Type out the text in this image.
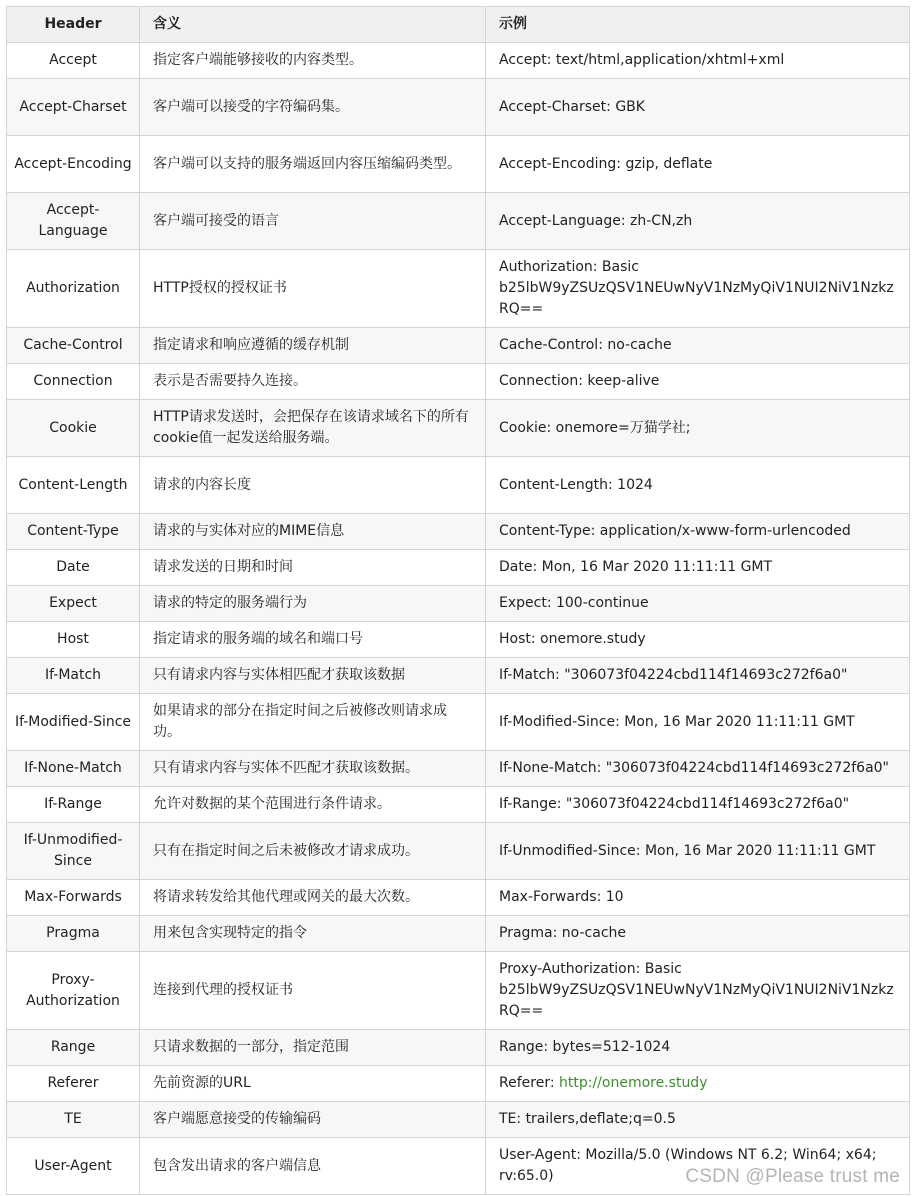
Header	含义	示例
Accept	指定客户端能够接收的内容类型。	Accept: text/html,application/xhtml+xml
Accept-Charset	客户端可以接受的字符编码集。	Accept-Charset: GBK
Accept-Encoding	客户端可以支持的服务端返回内容压缩编码类型。	Accept-Encoding: gzip, deflate
Accept-Language	客户端可接受的语言	Accept-Language: zh-CN,zh
Authorization	HTTP授权的授权证书	Authorization: Basic b25lbW9yZSUzQSV1NEUwNyV1NzMyQiV1NUI2NiV1NzkzRQ==
Cache-Control	指定请求和响应遵循的缓存机制	Cache-Control: no-cache
Connection	表示是否需要持久连接。	Connection: keep-alive
Cookie	HTTP请求发送时，会把保存在该请求域名下的所有cookie值一起发送给服务端。	Cookie: onemore=万猫学社;
Content-Length	请求的内容长度	Content-Length: 1024
Content-Type	请求的与实体对应的MIME信息	Content-Type: application/x-www-form-urlencoded
Date	请求发送的日期和时间	Date: Mon, 16 Mar 2020 11:11:11 GMT
Expect	请求的特定的服务端行为	Expect: 100-continue
Host	指定请求的服务端的域名和端口号	Host: onemore.study
If-Match	只有请求内容与实体相匹配才获取该数据	If-Match: "306073f04224cbd114f14693c272f6a0"
If-Modified-Since	如果请求的部分在指定时间之后被修改则请求成功。	If-Modified-Since: Mon, 16 Mar 2020 11:11:11 GMT
If-None-Match	只有请求内容与实体不匹配才获取该数据。	If-None-Match: "306073f04224cbd114f14693c272f6a0"
If-Range	允许对数据的某个范围进行条件请求。	If-Range: "306073f04224cbd114f14693c272f6a0"
If-Unmodified-Since	只有在指定时间之后未被修改才请求成功。	If-Unmodified-Since: Mon, 16 Mar 2020 11:11:11 GMT
Max-Forwards	将请求转发给其他代理或网关的最大次数。	Max-Forwards: 10
Pragma	用来包含实现特定的指令	Pragma: no-cache
Proxy-Authorization	连接到代理的授权证书	Proxy-Authorization: Basic b25lbW9yZSUzQSV1NEUwNyV1NzMyQiV1NUI2NiV1NzkzRQ==
Range	只请求数据的一部分，指定范围	Range: bytes=512-1024
Referer	先前资源的URL	Referer: http://onemore.study
TE	客户端愿意接受的传输编码	TE: trailers,deflate;q=0.5
User-Agent	包含发出请求的客户端信息	User-Agent: Mozilla/5.0 (Windows NT 6.2; Win64; x64; rv:65.0)	CSDN @Please trust me
